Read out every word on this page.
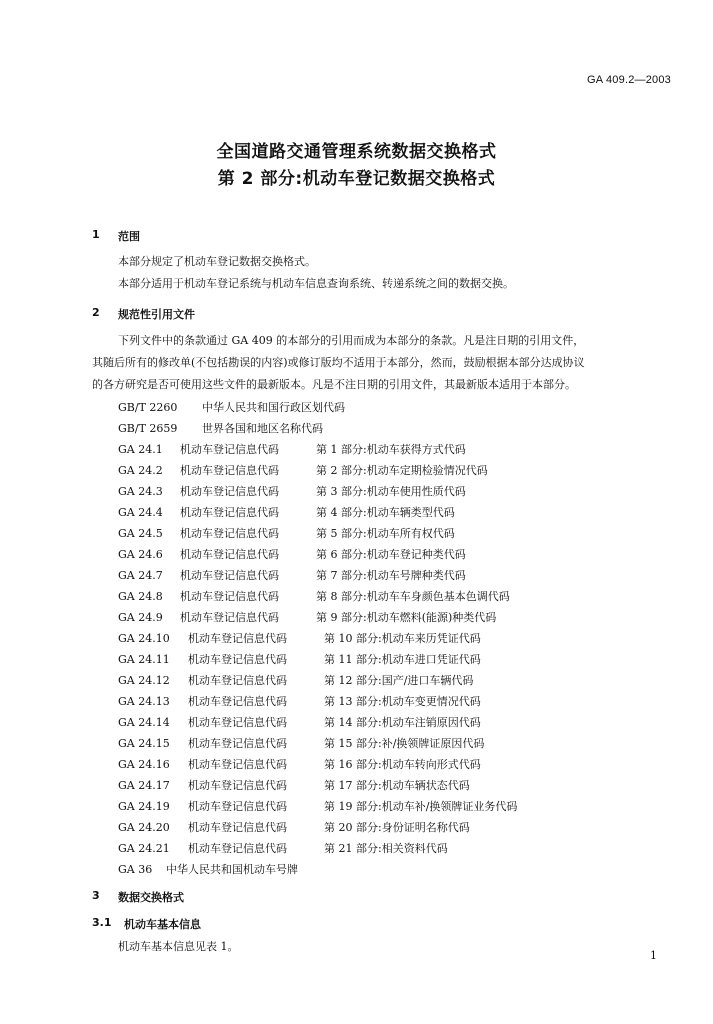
GA 409.2—2003
全国道路交通管理系统数据交换格式
第 2 部分:机动车登记数据交换格式
1 范围
本部分规定了机动车登记数据交换格式。
本部分适用于机动车登记系统与机动车信息查询系统、转递系统之间的数据交换。
2 规范性引用文件
下列文件中的条款通过 GA 409 的本部分的引用而成为本部分的条款。凡是注日期的引用文件，
其随后所有的修改单(不包括勘误的内容)或修订版均不适用于本部分，然而，鼓励根据本部分达成协议
的各方研究是否可使用这些文件的最新版本。凡是不注日期的引用文件，其最新版本适用于本部分。
GB/T 2260 中华人民共和国行政区划代码
GB/T 2659 世界各国和地区名称代码
GA 24.1 机动车登记信息代码	第 1 部分:机动车获得方式代码
GA 24.2 机动车登记信息代码	第 2 部分:机动车定期检验情况代码
GA 24.3 机动车登记信息代码	第 3 部分:机动车使用性质代码
GA 24.4 机动车登记信息代码	第 4 部分:机动车辆类型代码
GA 24.5 机动车登记信息代码	第 5 部分:机动车所有权代码
GA 24.6 机动车登记信息代码	第 6 部分:机动车登记种类代码
GA 24.7 机动车登记信息代码	第 7 部分:机动车号牌种类代码
GA 24.8 机动车登记信息代码	第 8 部分:机动车车身颜色基本色调代码
GA 24.9 机动车登记信息代码	第 9 部分:机动车燃料(能源)种类代码
GA 24.10 机动车登记信息代码	第 10 部分:机动车来历凭证代码
GA 24.11 机动车登记信息代码	第 11 部分:机动车进口凭证代码
GA 24.12 机动车登记信息代码	第 12 部分:国产/进口车辆代码
GA 24.13 机动车登记信息代码	第 13 部分:机动车变更情况代码
GA 24.14 机动车登记信息代码	第 14 部分:机动车注销原因代码
GA 24.15 机动车登记信息代码	第 15 部分:补/换领牌证原因代码
GA 24.16 机动车登记信息代码	第 16 部分:机动车转向形式代码
GA 24.17 机动车登记信息代码	第 17 部分:机动车辆状态代码
GA 24.19 机动车登记信息代码	第 19 部分:机动车补/换领牌证业务代码
GA 24.20 机动车登记信息代码	第 20 部分:身份证明名称代码
GA 24.21 机动车登记信息代码	第 21 部分:相关资料代码
GA 36 中华人民共和国机动车号牌
3 数据交换格式
3.1 机动车基本信息
机动车基本信息见表 1。
1
